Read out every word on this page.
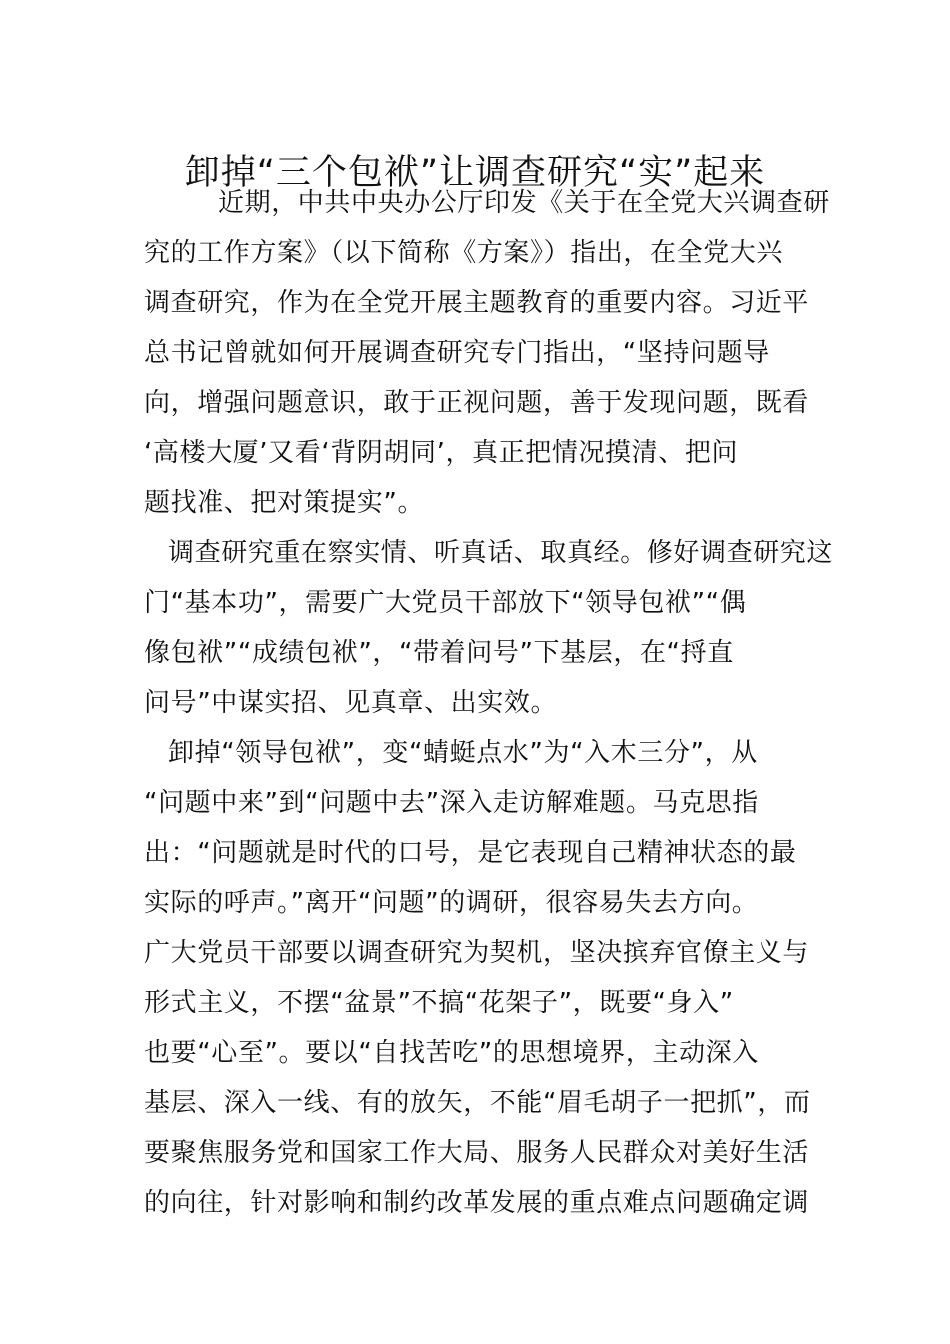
卸掉“三个包袱”让调查研究“实”起来
近期，中共中央办公厅印发《关于在全党大兴调查研
究的工作方案》（以下简称《方案》）指出，在全党大兴
调查研究，作为在全党开展主题教育的重要内容。习近平
总书记曾就如何开展调查研究专门指出，“坚持问题导
向，增强问题意识，敢于正视问题，善于发现问题，既看
‘高楼大厦’又看‘背阴胡同’，真正把情况摸清、把问
题找准、把对策提实”。
调查研究重在察实情、听真话、取真经。修好调查研究这
门“基本功”，需要广大党员干部放下“领导包袱”“偶
像包袱”“成绩包袱”，“带着问号”下基层，在“捋直
问号”中谋实招、见真章、出实效。
卸掉“领导包袱”，变“蜻蜓点水”为“入木三分”，从
“问题中来”到“问题中去”深入走访解难题。马克思指
出：“问题就是时代的口号，是它表现自己精神状态的最
实际的呼声。”离开“问题”的调研，很容易失去方向。
广大党员干部要以调查研究为契机，坚决摈弃官僚主义与
形式主义，不摆“盆景”不搞“花架子”，既要“身入”
也要“心至”。要以“自找苦吃”的思想境界，主动深入
基层、深入一线、有的放矢，不能“眉毛胡子一把抓”，而
要聚焦服务党和国家工作大局、服务人民群众对美好生活
的向往，针对影响和制约改革发展的重点难点问题确定调
